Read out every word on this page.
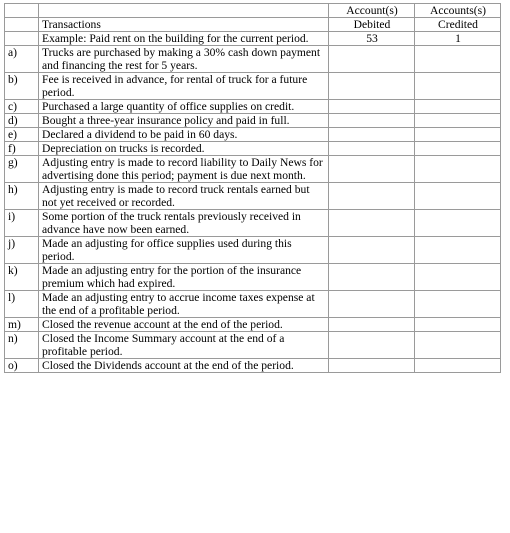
		Account(s)	Accounts(s)
	Transactions	Debited	Credited
	Example: Paid rent on the building for the current period.	53	1
a)	Trucks are purchased by making a 30% cash down payment and financing the rest for 5 years.		
b)	Fee is received in advance, for rental of truck for a future period.		
c)	Purchased a large quantity of office supplies on credit.		
d)	Bought a three-year insurance policy and paid in full.		
e)	Declared a dividend to be paid in 60 days.		
f)	Depreciation on trucks is recorded.		
g)	Adjusting entry is made to record liability to Daily News for advertising done this period; payment is due next month.		
h)	Adjusting entry is made to record truck rentals earned but not yet received or recorded.		
i)	Some portion of the truck rentals previously received in advance have now been earned.		
j)	Made an adjusting for office supplies used during this period.		
k)	Made an adjusting entry for the portion of the insurance premium which had expired.		
l)	Made an adjusting entry to accrue income taxes expense at the end of a profitable period.		
m)	Closed the revenue account at the end of the period.		
n)	Closed the Income Summary account at the end of a profitable period.		
o)	Closed the Dividends account at the end of the period.		
